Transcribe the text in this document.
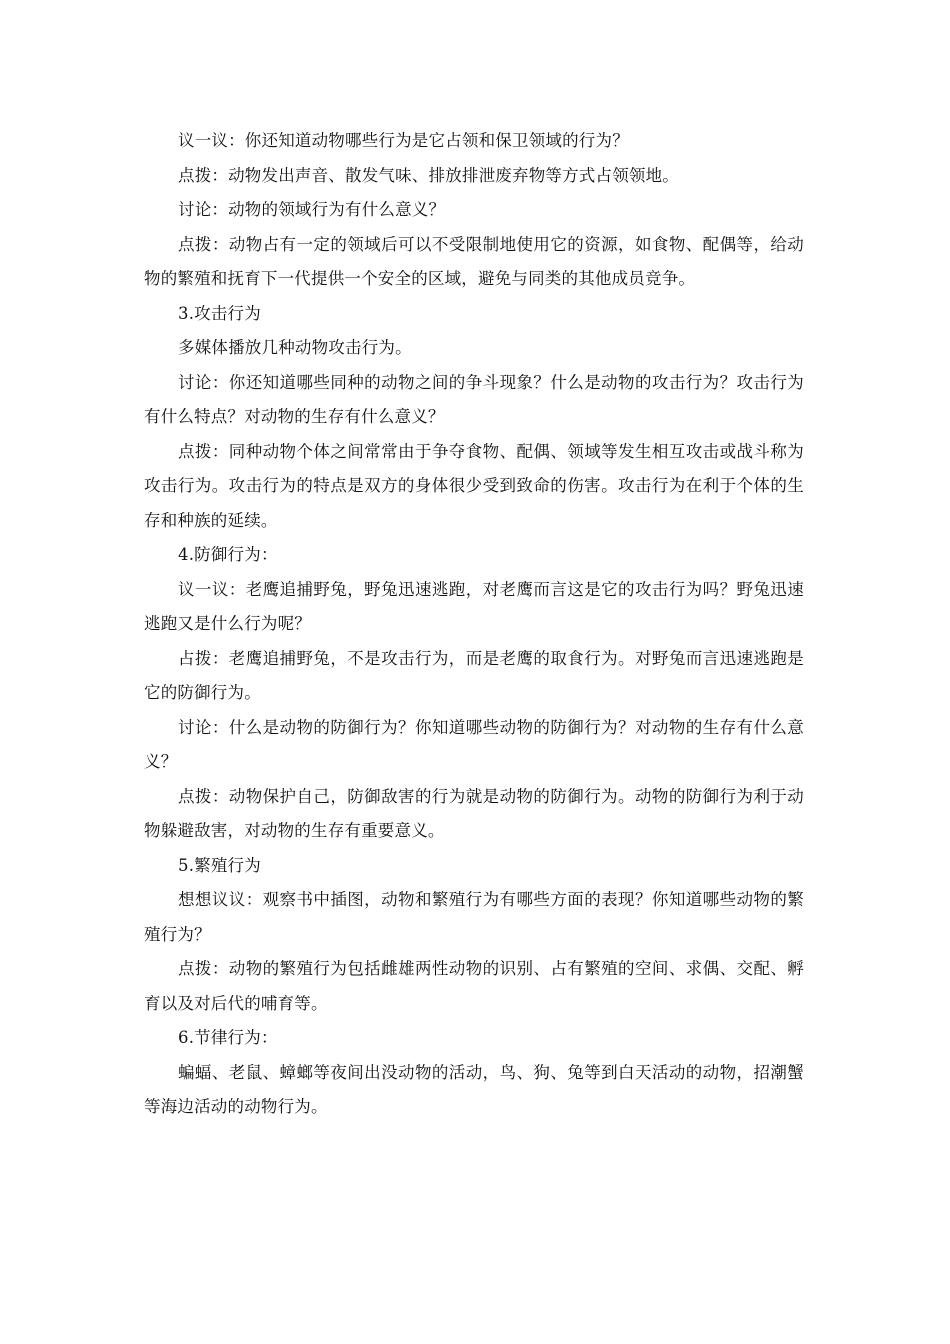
议一议：你还知道动物哪些行为是它占领和保卫领域的行为？

点拨：动物发出声音、散发气味、排放排泄废弃物等方式占领领地。

讨论：动物的领域行为有什么意义？

点拨：动物占有一定的领域后可以不受限制地使用它的资源，如食物、配偶等，给动物的繁殖和抚育下一代提供一个安全的区域，避免与同类的其他成员竞争。

3.攻击行为

多媒体播放几种动物攻击行为。

讨论：你还知道哪些同种的动物之间的争斗现象？什么是动物的攻击行为？攻击行为有什么特点？对动物的生存有什么意义？

点拨：同种动物个体之间常常由于争夺食物、配偶、领域等发生相互攻击或战斗称为攻击行为。攻击行为的特点是双方的身体很少受到致命的伤害。攻击行为在利于个体的生存和种族的延续。

4.防御行为：

议一议：老鹰追捕野兔，野兔迅速逃跑，对老鹰而言这是它的攻击行为吗？野兔迅速逃跑又是什么行为呢？

占拨：老鹰追捕野兔，不是攻击行为，而是老鹰的取食行为。对野兔而言迅速逃跑是它的防御行为。

讨论：什么是动物的防御行为？你知道哪些动物的防御行为？对动物的生存有什么意义？

点拨：动物保护自己，防御敌害的行为就是动物的防御行为。动物的防御行为利于动物躲避敌害，对动物的生存有重要意义。

5.繁殖行为

想想议议：观察书中插图，动物和繁殖行为有哪些方面的表现？你知道哪些动物的繁殖行为？

点拨：动物的繁殖行为包括雌雄两性动物的识别、占有繁殖的空间、求偶、交配、孵育以及对后代的哺育等。

6.节律行为：

蝙蝠、老鼠、蟑螂等夜间出没动物的活动，鸟、狗、兔等到白天活动的动物，招潮蟹等海边活动的动物行为。
